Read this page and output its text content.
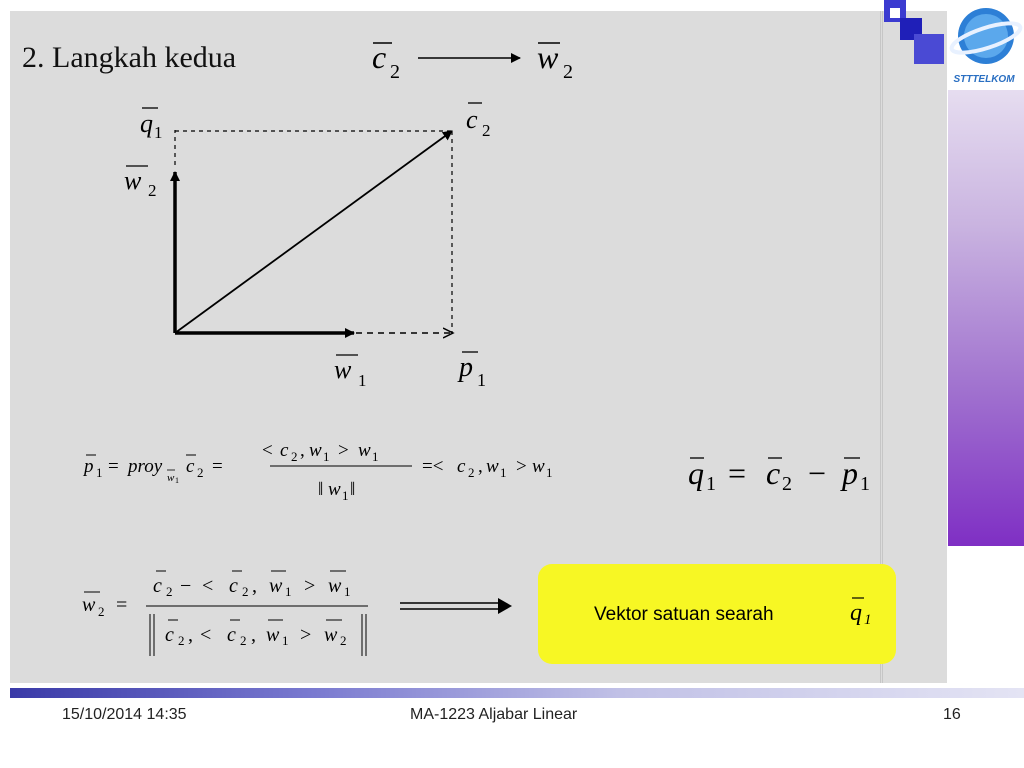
STTTELKOM
2. Langkah kedua	c 2	w 2
q 1	c 2
w 2
w 1	p 1
p 1 = proy
w 1
c 2 =
< c 2 , w 1 > w 1
‖ w 1 ‖
=< c 2 , w 1 > w 1	q 1 = c 2 − p 1
w 2 =
c 2 − < c 2 , w 1 > w 1
c 2 , < c 2 , w 1 > w 2
Vektor satuan searah	q 1
15/10/2014 14:35	MA-1223 Aljabar Linear	16
